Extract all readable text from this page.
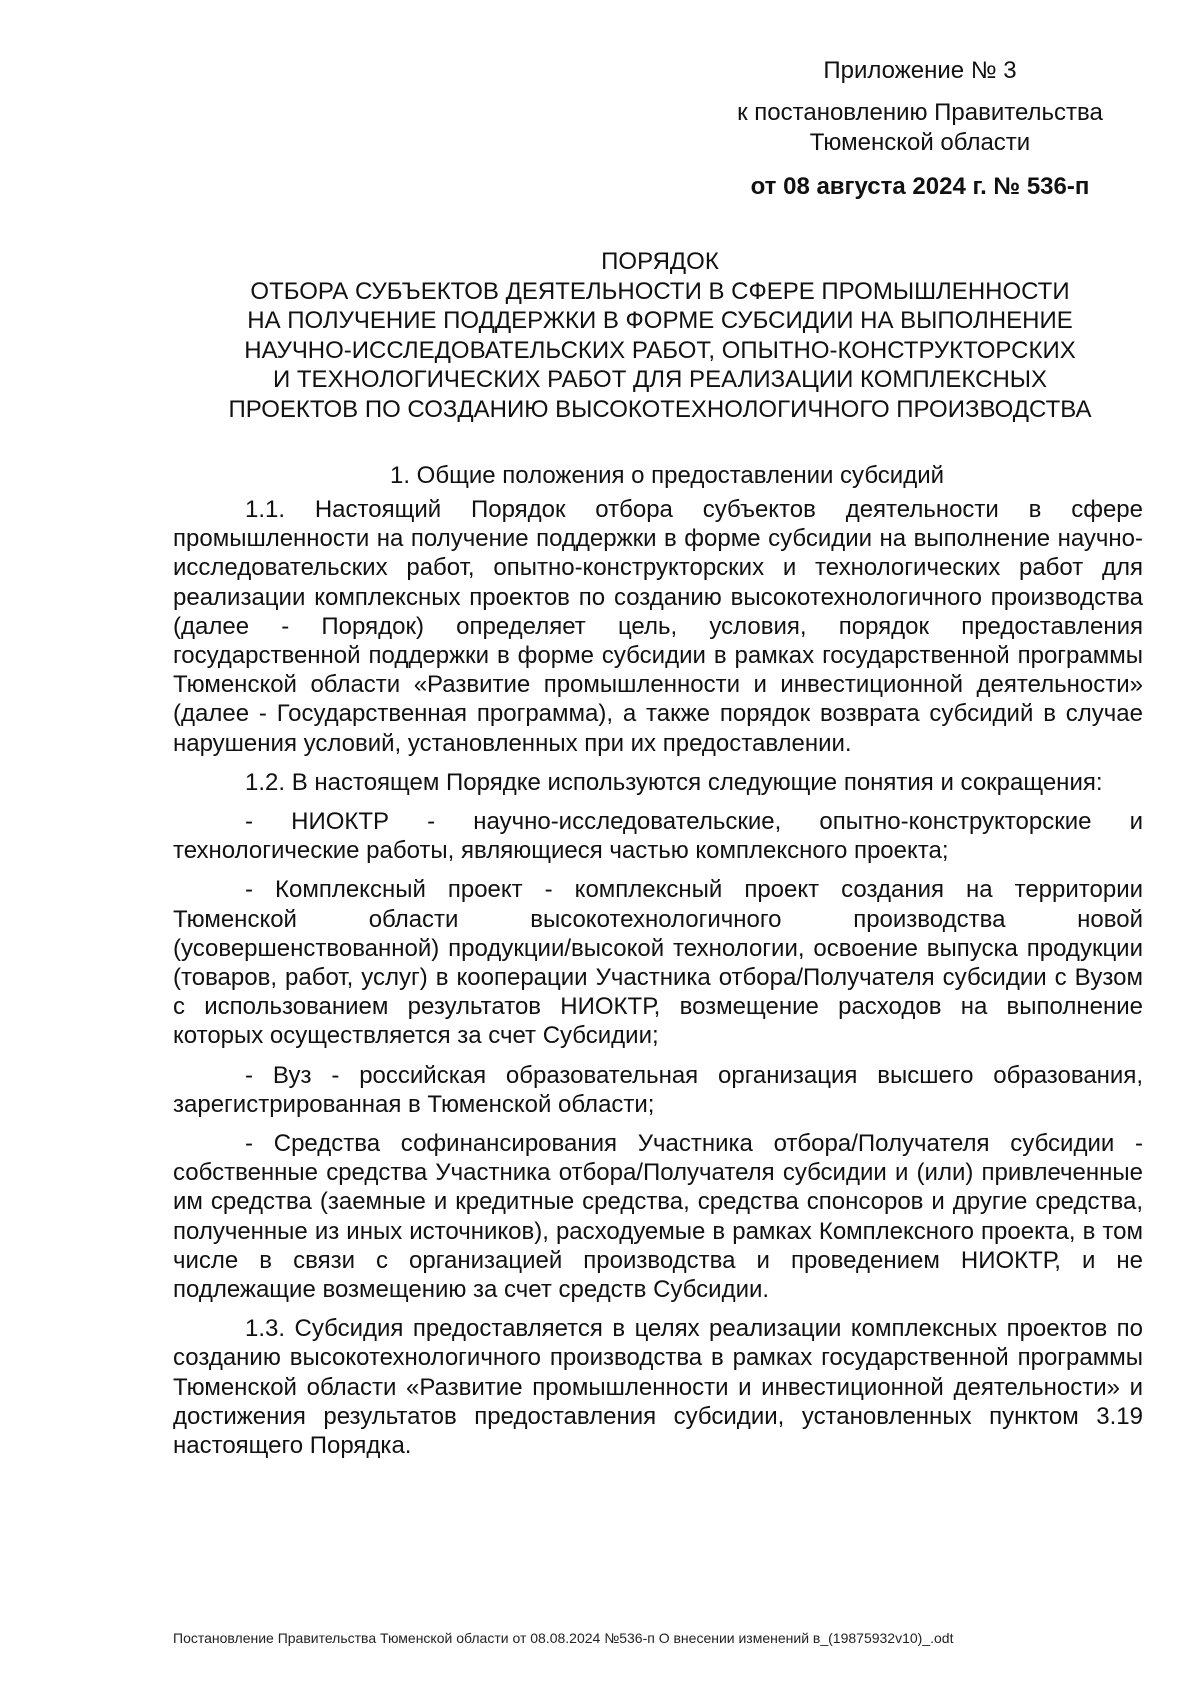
Приложение № 3
к постановлению Правительства
Тюменской области
от 08 августа 2024 г. № 536-п
ПОРЯДОК
ОТБОРА СУБЪЕКТОВ ДЕЯТЕЛЬНОСТИ В СФЕРЕ ПРОМЫШЛЕННОСТИ
НА ПОЛУЧЕНИЕ ПОДДЕРЖКИ В ФОРМЕ СУБСИДИИ НА ВЫПОЛНЕНИЕ
НАУЧНО-ИССЛЕДОВАТЕЛЬСКИХ РАБОТ, ОПЫТНО-КОНСТРУКТОРСКИХ
И ТЕХНОЛОГИЧЕСКИХ РАБОТ ДЛЯ РЕАЛИЗАЦИИ КОМПЛЕКСНЫХ
ПРОЕКТОВ ПО СОЗДАНИЮ ВЫСОКОТЕХНОЛОГИЧНОГО ПРОИЗВОДСТВА
1. Общие положения о предоставлении субсидий

1.1. Настоящий Порядок отбора субъектов деятельности в сфере промышленности на получение поддержки в форме субсидии на выполнение научно-исследовательских работ, опытно-конструкторских и технологических работ для реализации комплексных проектов по созданию высокотехнологичного производства (далее - Порядок) определяет цель, условия, порядок предоставления государственной поддержки в форме субсидии в рамках государственной программы Тюменской области «Развитие промышленности и инвестиционной деятельности» (далее - Государственная программа), а также порядок возврата субсидий в случае нарушения условий, установленных при их предоставлении.

1.2. В настоящем Порядке используются следующие понятия и сокращения:

- НИОКТР - научно-исследовательские, опытно-конструкторские и технологические работы, являющиеся частью комплексного проекта;

- Комплексный проект - комплексный проект создания на территории Тюменской области высокотехнологичного производства новой (усовершенствованной) продукции/высокой технологии, освоение выпуска продукции (товаров, работ, услуг) в кооперации Участника отбора/Получателя субсидии с Вузом с использованием результатов НИОКТР, возмещение расходов на выполнение которых осуществляется за счет Субсидии;

- Вуз - российская образовательная организация высшего образования, зарегистрированная в Тюменской области;

- Средства софинансирования Участника отбора/Получателя субсидии - собственные средства Участника отбора/Получателя субсидии и (или) привлеченные им средства (заемные и кредитные средства, средства спонсоров и другие средства, полученные из иных источников), расходуемые в рамках Комплексного проекта, в том числе в связи с организацией производства и проведением НИОКТР, и не подлежащие возмещению за счет средств Субсидии.

1.3. Субсидия предоставляется в целях реализации комплексных проектов по созданию высокотехнологичного производства в рамках государственной программы Тюменской области «Развитие промышленности и инвестиционной деятельности» и достижения результатов предоставления субсидии, установленных пунктом 3.19 настоящего Порядка.

Постановление Правительства Тюменской области от 08.08.2024 №536-п О внесении изменений в_(19875932v10)_.odt
